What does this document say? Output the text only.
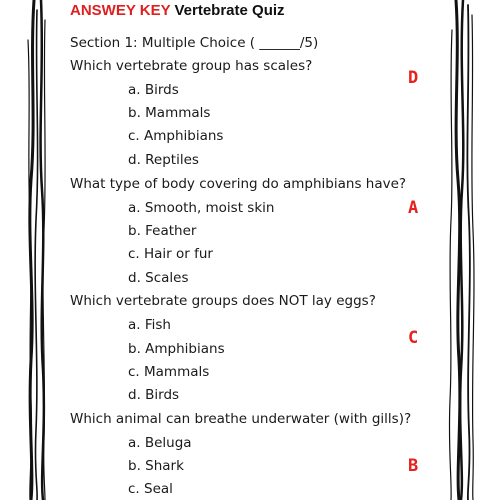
ANSWEY KEY Vertebrate Quiz
Section 1: Multiple Choice ( ______/5)
Which vertebrate group has scales?
a. Birds
b. Mammals
c. Amphibians
d. Reptiles
D
What type of body covering do amphibians have?
a. Smooth, moist skin
b. Feather
c. Hair or fur
d. Scales
A
Which vertebrate groups does NOT lay eggs?
a. Fish
b. Amphibians
c. Mammals
d. Birds
C
Which animal can breathe underwater (with gills)?
a. Beluga
b. Shark
c. Seal
B
